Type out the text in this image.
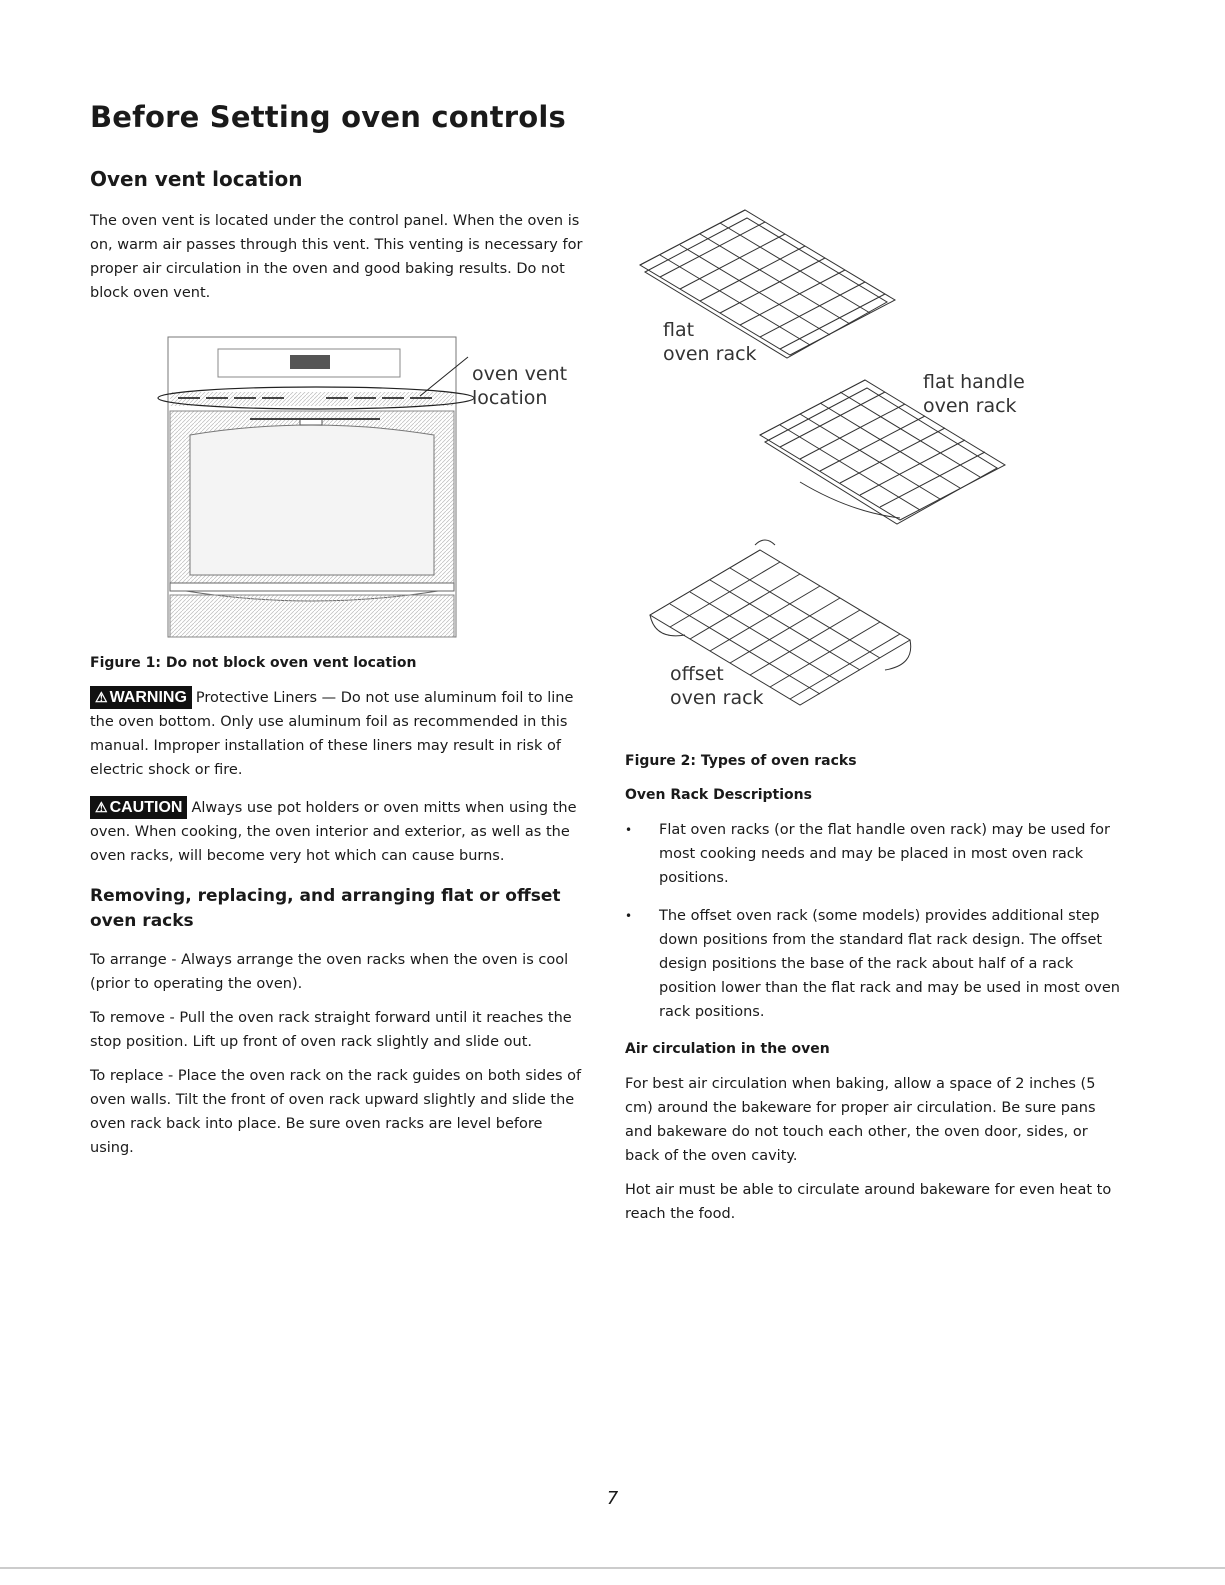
Before Setting oven controls
Oven vent location

The oven vent is located under the control panel. When the oven is on, warm air passes through this vent. This venting is necessary for proper air circulation in the oven and good baking results. Do not block oven vent.

oven vent
location
Figure 1: Do not block oven vent location

⚠ WARNING Protective Liners — Do not use aluminum foil to line the oven bottom. Only use aluminum foil as recommended in this manual. Improper installation of these liners may result in risk of electric shock or fire.

⚠ CAUTION Always use pot holders or oven mitts when using the oven. When cooking, the oven interior and exterior, as well as the oven racks, will become very hot which can cause burns.

Removing, replacing, and arranging flat or offset oven racks

To arrange - Always arrange the oven racks when the oven is cool (prior to operating the oven).

To remove - Pull the oven rack straight forward until it reaches the stop position. Lift up front of oven rack slightly and slide out.

To replace - Place the oven rack on the rack guides on both sides of oven walls. Tilt the front of oven rack upward slightly and slide the oven rack back into place. Be sure oven racks are level before using.

flat
oven rack
flat handle
oven rack
offset
oven rack
Figure 2: Types of oven racks
Oven Rack Descriptions
• Flat oven racks (or the flat handle oven rack) may be used for most cooking needs and may be placed in most oven rack positions.
• The offset oven rack (some models) provides additional step down positions from the standard flat rack design. The offset design positions the base of the rack about half of a rack position lower than the flat rack and may be used in most oven rack positions.
Air circulation in the oven

For best air circulation when baking, allow a space of 2 inches (5 cm) around the bakeware for proper air circulation. Be sure pans and bakeware do not touch each other, the oven door, sides, or back of the oven cavity.

Hot air must be able to circulate around bakeware for even heat to reach the food.

7
